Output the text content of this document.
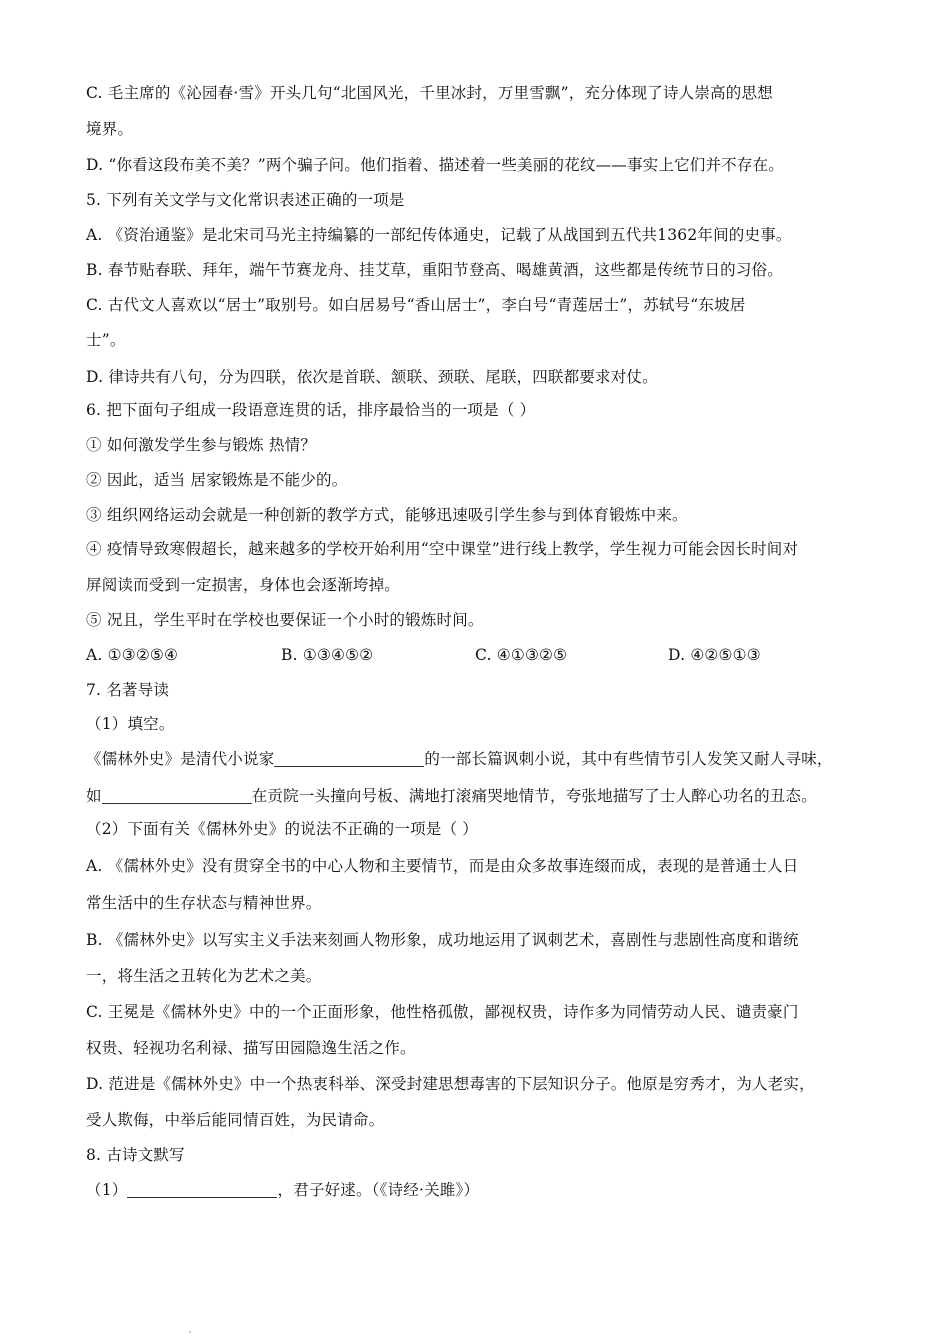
C. 毛主席的《沁园春·雪》开头几句“北国风光，千里冰封，万里雪飘”，充分体现了诗人崇高的思想
境界。
D. “你看这段布美不美？”两个骗子问。他们指着、描述着一些美丽的花纹——事实上它们并不存在。
5. 下列有关文学与文化常识表述正确的一项是
A. 《资治通鉴》是北宋司马光主持编纂的一部纪传体通史，记载了从战国到五代共1362年间的史事。
B. 春节贴春联、拜年，端午节赛龙舟、挂艾草，重阳节登高、喝雄黄酒，这些都是传统节日的习俗。
C. 古代文人喜欢以“居士”取别号。如白居易号“香山居士”，李白号“青莲居士”，苏轼号“东坡居
士”。
D. 律诗共有八句，分为四联，依次是首联、颔联、颈联、尾联，四联都要求对仗。
6. 把下面句子组成一段语意连贯的话，排序最恰当的一项是（ ）
① 如何激发学生参与锻炼 热情？
② 因此，适当 居家锻炼是不能少的。
③ 组织网络运动会就是一种创新的教学方式，能够迅速吸引学生参与到体育锻炼中来。
④ 疫情导致寒假超长，越来越多的学校开始利用“空中课堂”进行线上教学，学生视力可能会因长时间对
屏阅读而受到一定损害，身体也会逐渐垮掉。
⑤ 况且，学生平时在学校也要保证一个小时的锻炼时间。
A. ①③②⑤④	B. ①③④⑤②	C. ④①③②⑤	D. ④②⑤①③
7. 名著导读
（1）填空。
《儒林外史》是清代小说家	的一部长篇讽刺小说，其中有些情节引人发笑又耐人寻味，
如	在贡院一头撞向号板、满地打滚痛哭地情节，夸张地描写了士人醉心功名的丑态。
（2）下面有关《儒林外史》的说法不正确的一项是（ ）
A. 《儒林外史》没有贯穿全书的中心人物和主要情节，而是由众多故事连缀而成，表现的是普通士人日
常生活中的生存状态与精神世界。
B. 《儒林外史》以写实主义手法来刻画人物形象，成功地运用了讽刺艺术，喜剧性与悲剧性高度和谐统
一，将生活之丑转化为艺术之美。
C. 王冕是《儒林外史》中的一个正面形象，他性格孤傲，鄙视权贵，诗作多为同情劳动人民、谴责豪门
权贵、轻视功名利禄、描写田园隐逸生活之作。
D. 范进是《儒林外史》中一个热衷科举、深受封建思想毒害的下层知识分子。他原是穷秀才，为人老实，
受人欺侮，中举后能同情百姓，为民请命。
8. 古诗文默写
（1）	，君子好逑。（《诗经·关雎》）
